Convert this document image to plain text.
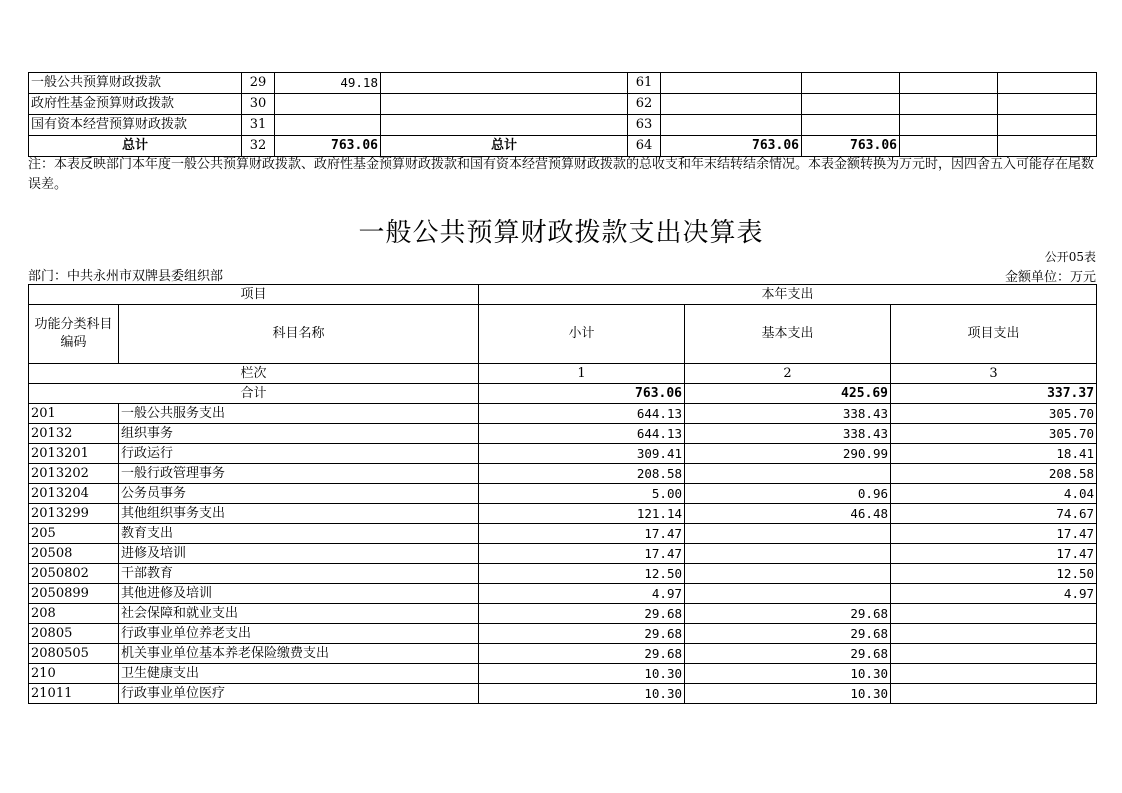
一般公共预算财政拨款	29	49.18		61				
政府性基金预算财政拨款	30			62				
国有资本经营预算财政拨款	31			63				
总计	32	763.06	总计	64	763.06	763.06		
注：本表反映部门本年度一般公共预算财政拨款、政府性基金预算财政拨款和国有资本经营预算财政拨款的总收支和年末结转结余情况。本表金额转换为万元时，因四舍五入可能存在尾数误差。
一般公共预算财政拨款支出决算表
公开05表
部门：中共永州市双牌县委组织部	金额单位：万元
项目		本年支出		
功能分类科目编码	科目名称	小计	基本支出	项目支出
栏次		1	2	3
合计		763.06	425.69	337.37
201	一般公共服务支出	644.13	338.43	305.70
20132	组织事务	644.13	338.43	305.70
2013201	行政运行	309.41	290.99	18.41
2013202	一般行政管理事务	208.58		208.58
2013204	公务员事务	5.00	0.96	4.04
2013299	其他组织事务支出	121.14	46.48	74.67
205	教育支出	17.47		17.47
20508	进修及培训	17.47		17.47
2050802	干部教育	12.50		12.50
2050899	其他进修及培训	4.97		4.97
208	社会保障和就业支出	29.68	29.68	
20805	行政事业单位养老支出	29.68	29.68	
2080505	机关事业单位基本养老保险缴费支出	29.68	29.68	
210	卫生健康支出	10.30	10.30	
21011	行政事业单位医疗	10.30	10.30	
